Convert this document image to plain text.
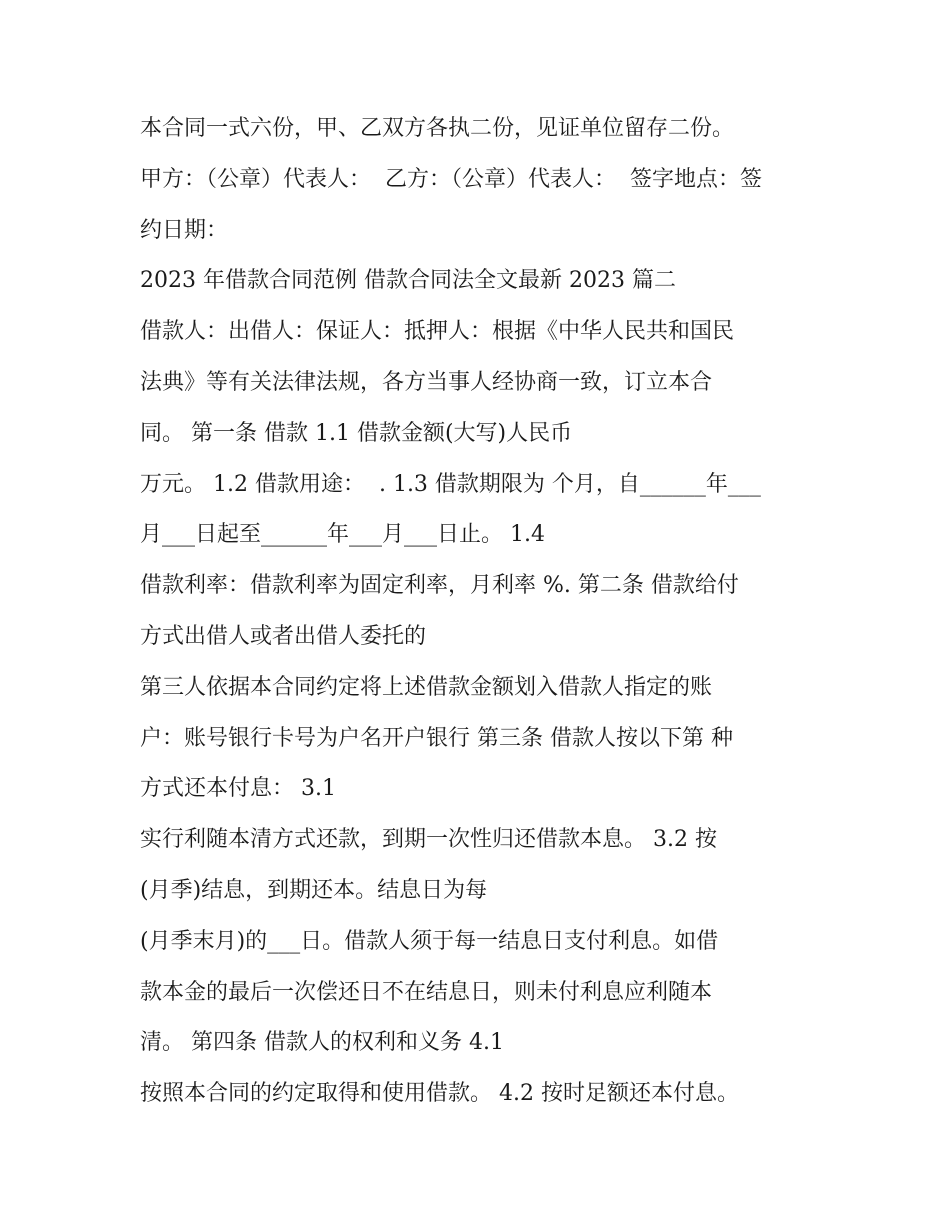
本合同一式六份，甲、乙双方各执二份，见证单位留存二份。
甲方：（公章）代表人：  乙方：（公章）代表人：  签字地点：签
约日期：
2023 年借款合同范例 借款合同法全文最新 2023 篇二
借款人：出借人：保证人：抵押人：根据《中华人民共和国民
法典》等有关法律法规，各方当事人经协商一致，订立本合
同。 第一条 借款 1.1 借款金额(大写)人民币
万元。 1.2 借款用途：  . 1.3 借款期限为 个月，自______年___
月___日起至______年___月___日止。 1.4
借款利率：借款利率为固定利率，月利率 %. 第二条 借款给付
方式出借人或者出借人委托的
第三人依据本合同约定将上述借款金额划入借款人指定的账
户：账号银行卡号为户名开户银行 第三条 借款人按以下第 种
方式还本付息： 3.1
实行利随本清方式还款，到期一次性归还借款本息。 3.2 按
(月季)结息，到期还本。结息日为每
(月季末月)的___日。借款人须于每一结息日支付利息。如借
款本金的最后一次偿还日不在结息日，则未付利息应利随本
清。 第四条 借款人的权利和义务 4.1
按照本合同的约定取得和使用借款。 4.2 按时足额还本付息。
